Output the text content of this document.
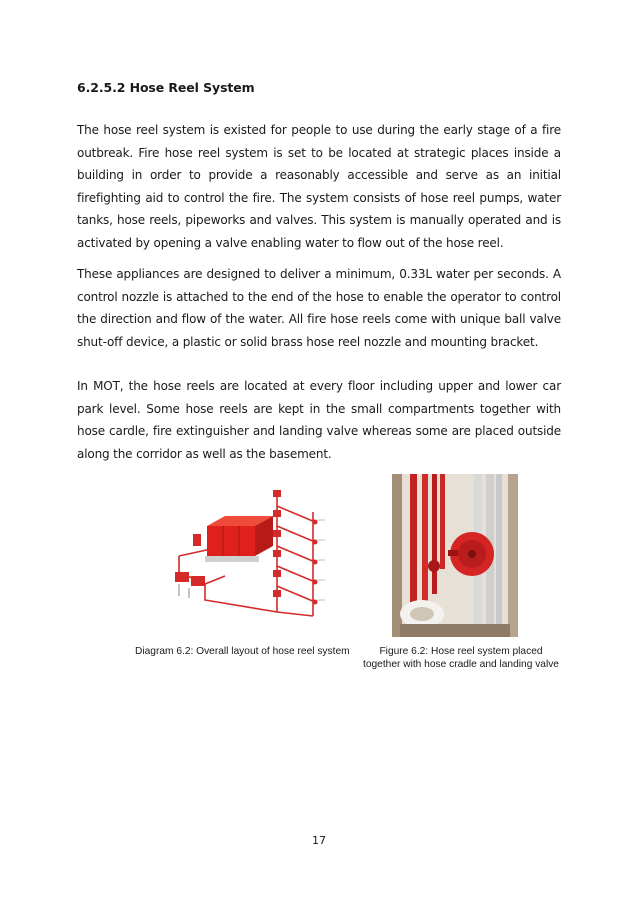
6.2.5.2 Hose Reel System
The hose reel system is existed for people to use during the early stage of a fire outbreak. Fire hose reel system is set to be located at strategic places inside a building in order to provide a reasonably accessible and serve as an initial firefighting aid to control the fire. The system consists of hose reel pumps, water tanks, hose reels, pipeworks and valves. This system is manually operated and is activated by opening a valve enabling water to flow out of the hose reel.
These appliances are designed to deliver a minimum, 0.33L water per seconds. A control nozzle is attached to the end of the hose to enable the operator to control the direction and flow of the water. All fire hose reels come with unique ball valve shut-off device, a plastic or solid brass hose reel nozzle and mounting bracket.
In MOT, the hose reels are located at every floor including upper and lower car park level. Some hose reels are kept in the small compartments together with hose cardle, fire extinguisher and landing valve whereas some are placed outside along the corridor as well as the basement.
Diagram 6.2: Overall layout of hose reel system	Figure 6.2: Hose reel system placed
together with hose cradle and landing valve
17
